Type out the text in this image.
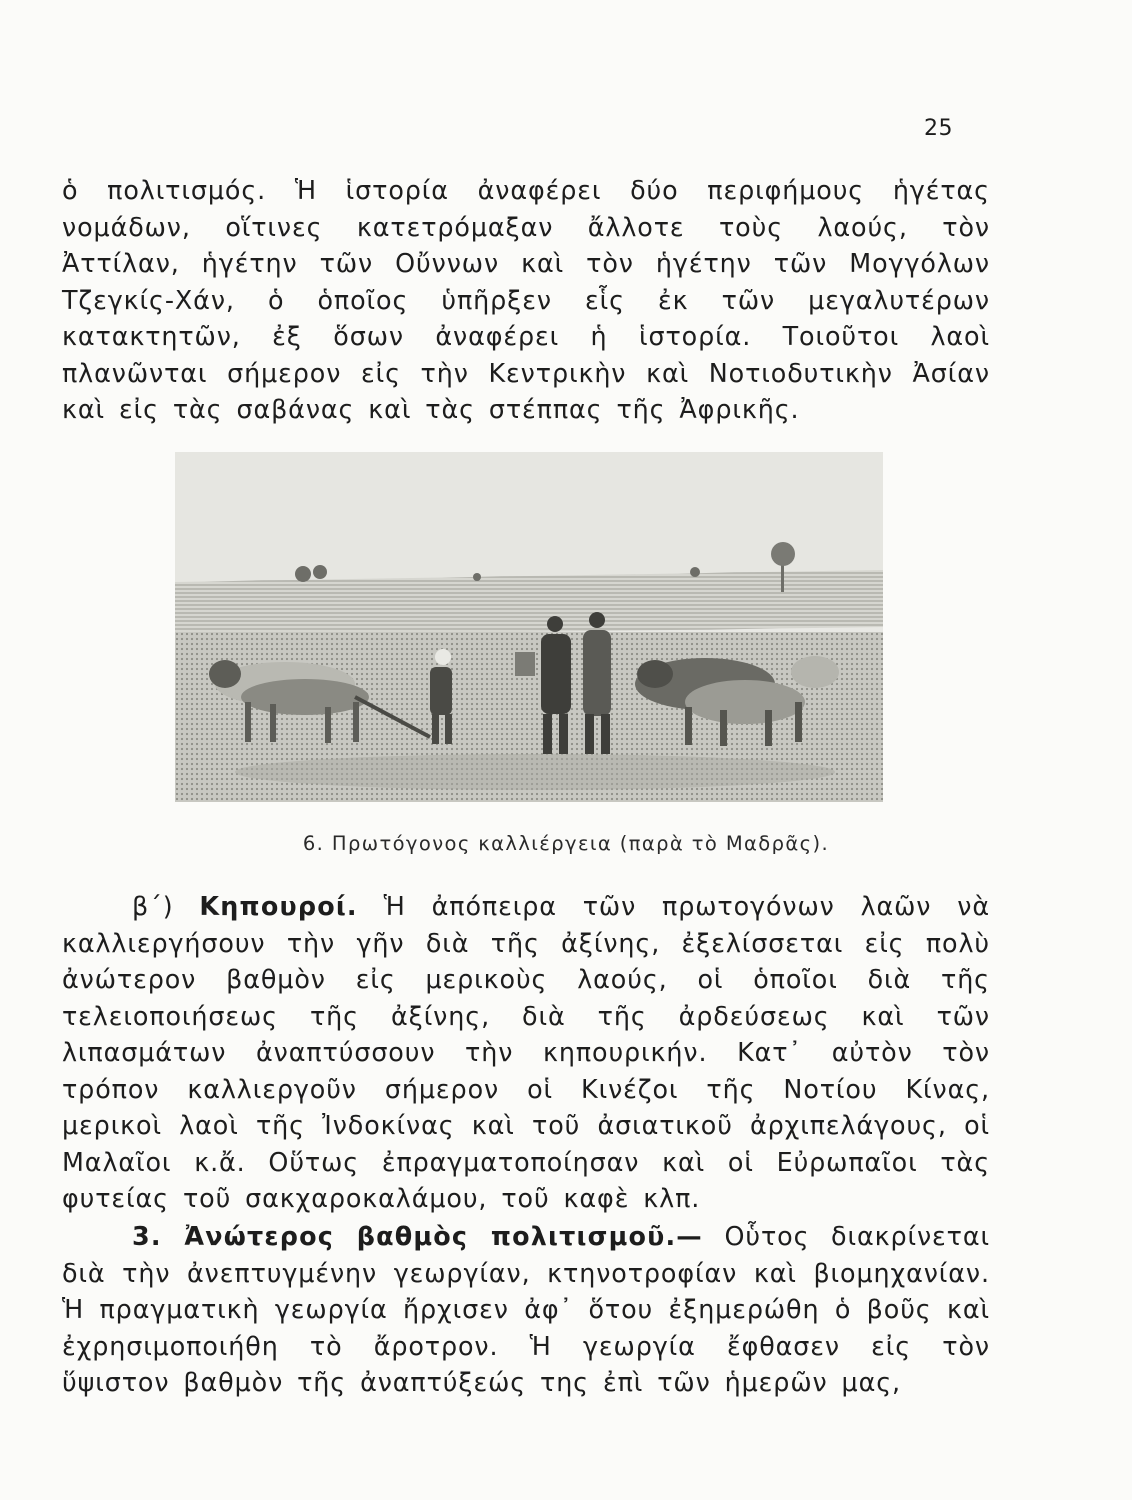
25

ὁ πολιτισμός. Ἡ ἱστορία ἀναφέρει δύο περιφήμους ἡγέτας νομάδων, οἵτινες κατετρόμαξαν ἄλλοτε τοὺς λαούς, τὸν Ἀττίλαν, ἡγέτην τῶν Οὔννων καὶ τὸν ἡγέτην τῶν Μογγόλων Τζεγκίς-Χάν, ὁ ὁποῖος ὑπῆρξεν εἷς ἐκ τῶν μεγαλυτέρων κατακτητῶν, ἐξ ὅσων ἀναφέρει ἡ ἱστορία. Τοιοῦτοι λαοὶ πλανῶνται σήμερον εἰς τὴν Κεντρικὴν καὶ Νοτιοδυτικὴν Ἀσίαν καὶ εἰς τὰς σαβάνας καὶ τὰς στέππας τῆς Ἀφρικῆς.

6. Πρωτόγονος καλλιέργεια (παρὰ τὸ Μαδρᾶς).

β΄) Κηπουροί. Ἡ ἀπόπειρα τῶν πρωτογόνων λαῶν νὰ καλλιεργήσουν τὴν γῆν διὰ τῆς ἀξίνης, ἐξελίσσεται εἰς πολὺ ἀνώτερον βαθμὸν εἰς μερικοὺς λαούς, οἱ ὁποῖοι διὰ τῆς τελειοποιήσεως τῆς ἀξίνης, διὰ τῆς ἀρδεύσεως καὶ τῶν λιπασμάτων ἀναπτύσσουν τὴν κηπουρικήν. Κατ᾽ αὐτὸν τὸν τρόπον καλλιεργοῦν σήμερον οἱ Κινέζοι τῆς Νοτίου Κίνας, μερικοὶ λαοὶ τῆς Ἰνδοκίνας καὶ τοῦ ἀσιατικοῦ ἀρχιπελάγους, οἱ Μαλαῖοι κ.ἄ. Οὕτως ἐπραγματοποίησαν καὶ οἱ Εὐρωπαῖοι τὰς φυτείας τοῦ σακχαροκαλάμου, τοῦ καφὲ κλπ.

3. Ἀνώτερος βαθμὸς πολιτισμοῦ.— Οὗτος διακρίνεται διὰ τὴν ἀνεπτυγμένην γεωργίαν, κτηνοτροφίαν καὶ βιομηχανίαν. Ἡ πραγματικὴ γεωργία ἤρχισεν ἀφ᾽ ὅτου ἐξημερώθη ὁ βοῦς καὶ ἐχρησιμοποιήθη τὸ ἄροτρον. Ἡ γεωργία ἔφθασεν εἰς τὸν ὕψιστον βαθμὸν τῆς ἀναπτύξεώς της ἐπὶ τῶν ἡμερῶν μας,
